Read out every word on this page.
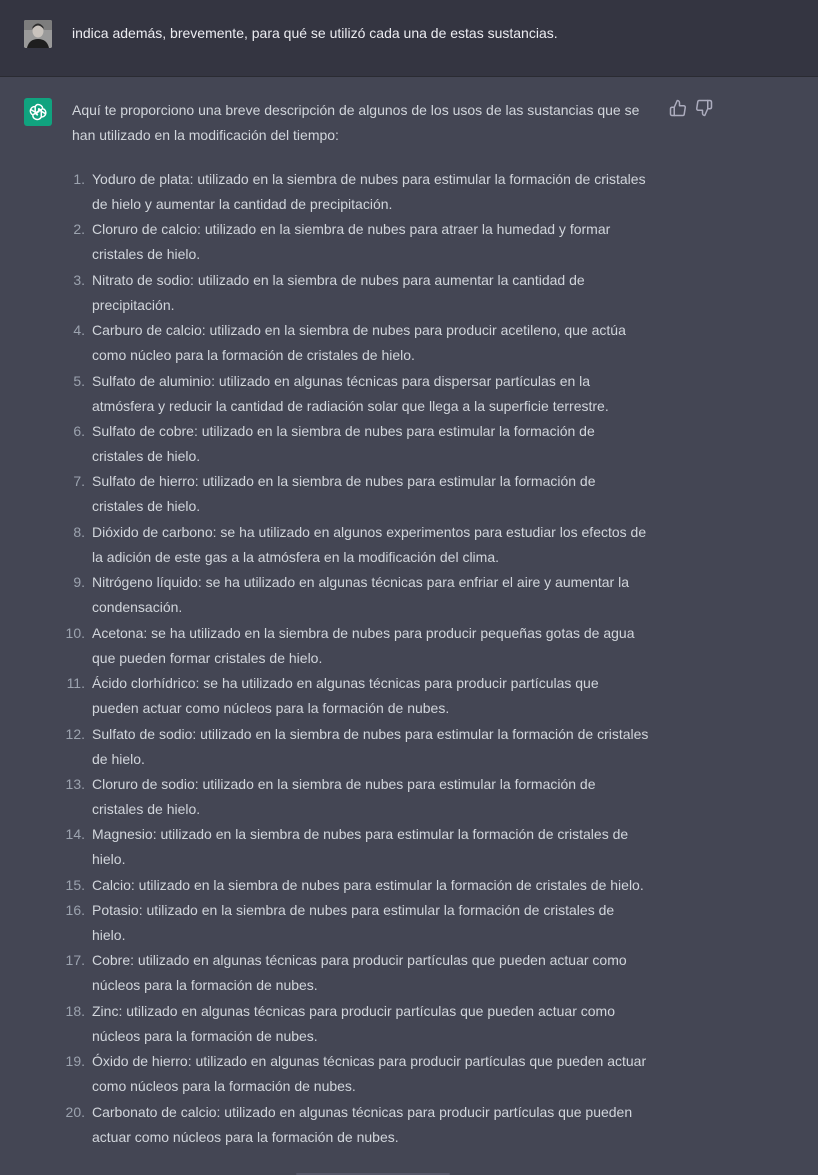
indica además, brevemente, para qué se utilizó cada una de estas sustancias.
Aquí te proporciono una breve descripción de algunos de los usos de las sustancias que se han utilizado en la modificación del tiempo:
1. Yoduro de plata: utilizado en la siembra de nubes para estimular la formación de cristales
de hielo y aumentar la cantidad de precipitación.
2. Cloruro de calcio: utilizado en la siembra de nubes para atraer la humedad y formar
cristales de hielo.
3. Nitrato de sodio: utilizado en la siembra de nubes para aumentar la cantidad de
precipitación.
4. Carburo de calcio: utilizado en la siembra de nubes para producir acetileno, que actúa
como núcleo para la formación de cristales de hielo.
5. Sulfato de aluminio: utilizado en algunas técnicas para dispersar partículas en la
atmósfera y reducir la cantidad de radiación solar que llega a la superficie terrestre.
6. Sulfato de cobre: utilizado en la siembra de nubes para estimular la formación de
cristales de hielo.
7. Sulfato de hierro: utilizado en la siembra de nubes para estimular la formación de
cristales de hielo.
8. Dióxido de carbono: se ha utilizado en algunos experimentos para estudiar los efectos de
la adición de este gas a la atmósfera en la modificación del clima.
9. Nitrógeno líquido: se ha utilizado en algunas técnicas para enfriar el aire y aumentar la
condensación.
10. Acetona: se ha utilizado en la siembra de nubes para producir pequeñas gotas de agua
que pueden formar cristales de hielo.
11. Ácido clorhídrico: se ha utilizado en algunas técnicas para producir partículas que
pueden actuar como núcleos para la formación de nubes.
12. Sulfato de sodio: utilizado en la siembra de nubes para estimular la formación de cristales
de hielo.
13. Cloruro de sodio: utilizado en la siembra de nubes para estimular la formación de
cristales de hielo.
14. Magnesio: utilizado en la siembra de nubes para estimular la formación de cristales de
hielo.
15. Calcio: utilizado en la siembra de nubes para estimular la formación de cristales de hielo.
16. Potasio: utilizado en la siembra de nubes para estimular la formación de cristales de
hielo.
17. Cobre: utilizado en algunas técnicas para producir partículas que pueden actuar como
núcleos para la formación de nubes.
18. Zinc: utilizado en algunas técnicas para producir partículas que pueden actuar como
núcleos para la formación de nubes.
19. Óxido de hierro: utilizado en algunas técnicas para producir partículas que pueden actuar
como núcleos para la formación de nubes.
20. Carbonato de calcio: utilizado en algunas técnicas para producir partículas que pueden
actuar como núcleos para la formación de nubes.
